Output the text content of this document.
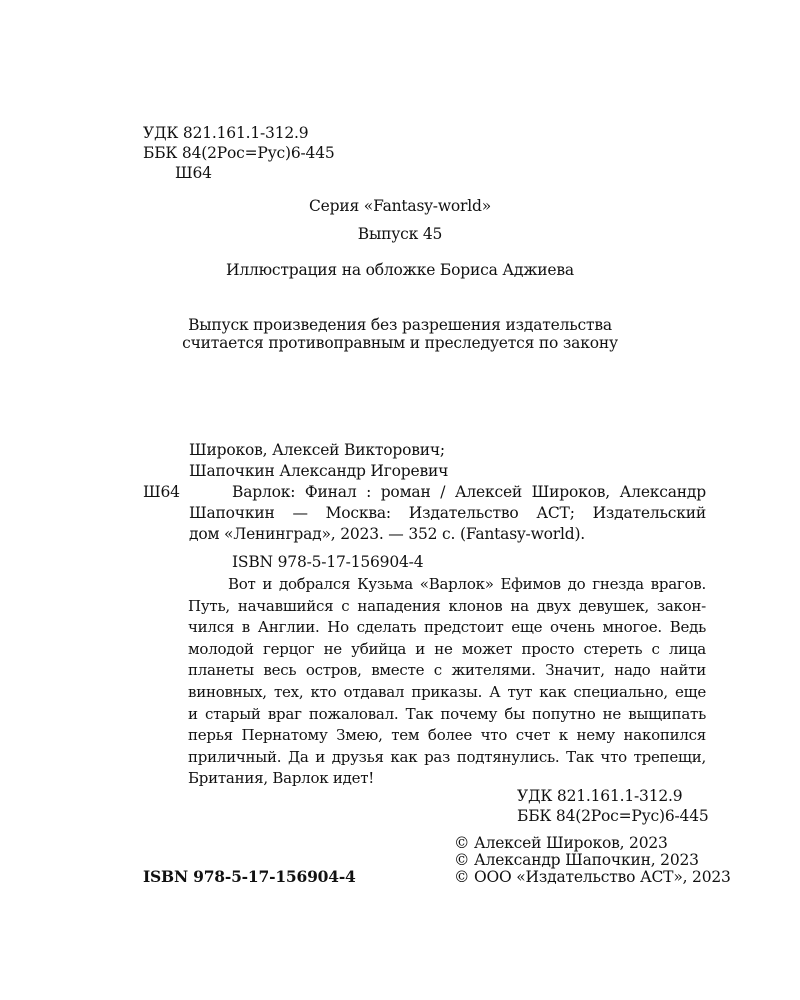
УДК 821.161.1-312.9
ББК 84(2Рос=Рус)6-445
Ш64
Серия «Fantasy-world»
Выпуск 45
Иллюстрация на обложке Бориса Аджиева
Выпуск произведения без разрешения издательства
считается противоправным и преследуется по закону
Широков, Алексей Викторович;
Шапочкин Александр Игоревич
Ш64	Варлок: Финал : роман / Алексей Широков, Александр
Шапочкин — Москва: Издательство АСТ; Издательский
дом «Ленинград», 2023. — 352 с. (Fantasy-world).
ISBN 978-5-17-156904-4
Вот и добрался Кузьма «Варлок» Ефимов до гнезда врагов.
Путь, начавшийся с нападения клонов на двух девушек, закон-
чился в Англии. Но сделать предстоит еще очень многое. Ведь
молодой герцог не убийца и не может просто стереть с лица
планеты весь остров, вместе с жителями. Значит, надо найти
виновных, тех, кто отдавал приказы. А тут как специально, еще
и старый враг пожаловал. Так почему бы попутно не выщипать
перья Пернатому Змею, тем более что счет к нему накопился
приличный. Да и друзья как раз подтянулись. Так что трепещи,
Британия, Варлок идет!
УДК 821.161.1-312.9
ББК 84(2Рос=Рус)6-445
© Алексей Широков, 2023
© Александр Шапочкин, 2023
© ООО «Издательство АСТ», 2023
ISBN 978-5-17-156904-4
